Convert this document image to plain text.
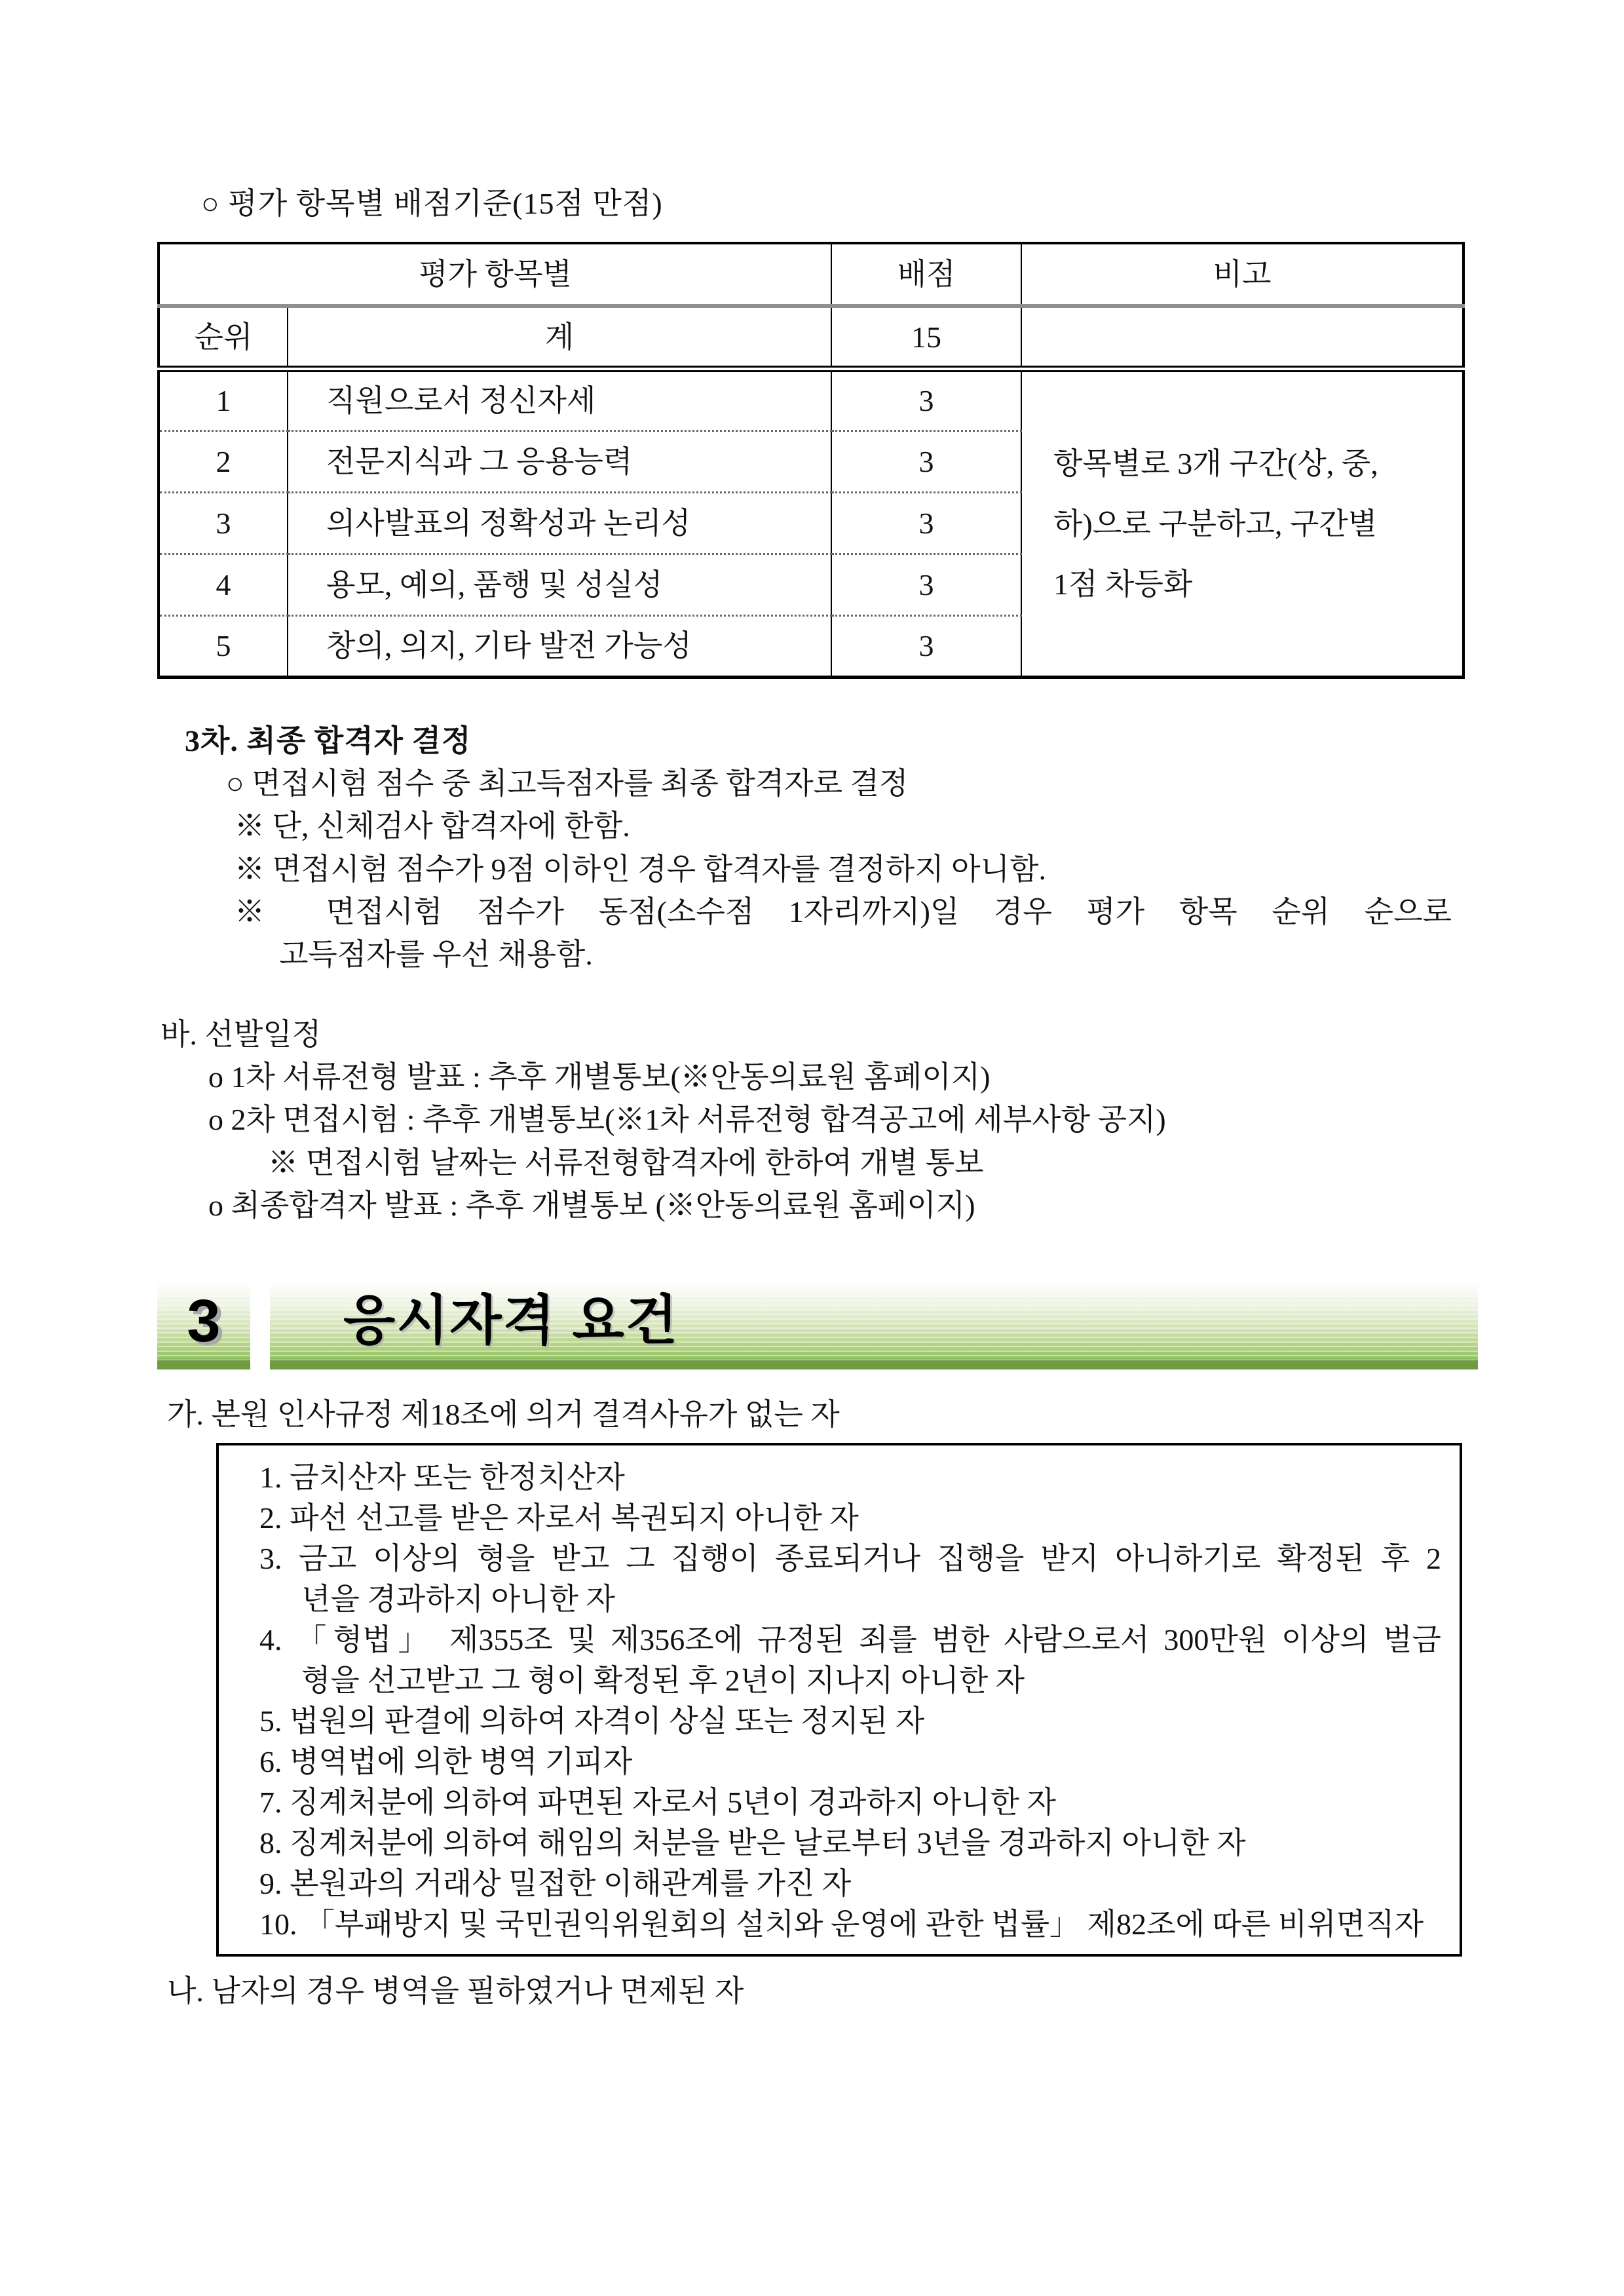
○ 평가 항목별 배점기준(15점 만점)
평가 항목별		배점	비고
순위	계	15	
1	직원으로서 정신자세	3	항목별로 3개 구간(상, 중,
하)으로 구분하고, 구간별
1점 차등화

2	전문지식과 그 응용능력	3	
3	의사발표의 정확성과 논리성	3	
4	용모, 예의, 품행 및 성실성	3	
5	창의, 의지, 기타 발전 가능성	3	
3차. 최종 합격자 결정
○ 면접시험 점수 중 최고득점자를 최종 합격자로 결정
※ 단, 신체검사 합격자에 한함.
※ 면접시험 점수가 9점 이하인 경우 합격자를 결정하지 아니함.
※ 면접시험 점수가 동점(소수점 1자리까지)일 경우 평가 항목 순위 순으로
고득점자를 우선 채용함.
바. 선발일정
o 1차 서류전형 발표 : 추후 개별통보(※안동의료원 홈페이지)
o 2차 면접시험 : 추후 개별통보(※1차 서류전형 합격공고에 세부사항 공지)
※ 면접시험 날짜는 서류전형합격자에 한하여 개별 통보
o 최종합격자 발표 : 추후 개별통보 (※안동의료원 홈페이지)
3	응시자격 요건
가. 본원 인사규정 제18조에 의거 결격사유가 없는 자
1. 금치산자 또는 한정치산자
2. 파선 선고를 받은 자로서 복권되지 아니한 자
3. 금고 이상의 형을 받고 그 집행이 종료되거나 집행을 받지 아니하기로 확정된 후 2
년을 경과하지 아니한 자
4. 「형법」 제355조 및 제356조에 규정된 죄를 범한 사람으로서 300만원 이상의 벌금
형을 선고받고 그 형이 확정된 후 2년이 지나지 아니한 자
5. 법원의 판결에 의하여 자격이 상실 또는 정지된 자
6. 병역법에 의한 병역 기피자
7. 징계처분에 의하여 파면된 자로서 5년이 경과하지 아니한 자
8. 징계처분에 의하여 해임의 처분을 받은 날로부터 3년을 경과하지 아니한 자
9. 본원과의 거래상 밀접한 이해관계를 가진 자
10. 「부패방지 및 국민권익위원회의 설치와 운영에 관한 법률」 제82조에 따른 비위면직자
나. 남자의 경우 병역을 필하였거나 면제된 자
